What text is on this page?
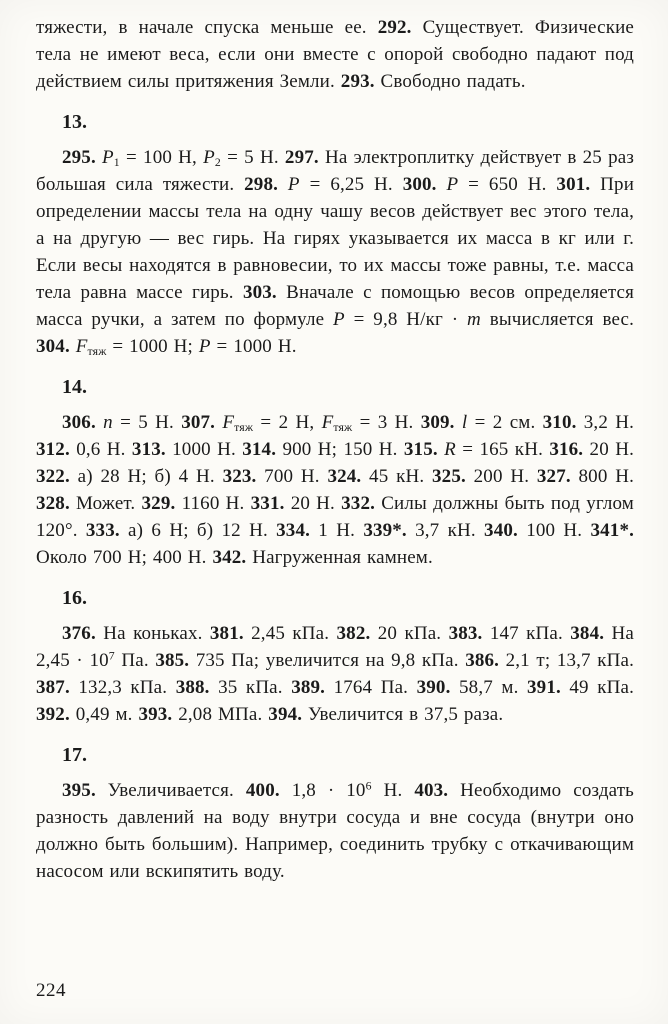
тяжести, в начале спуска меньше ее. 292. Существует. Физические тела не имеют веса, если они вместе с опорой свободно падают под действием силы притяжения Земли. 293. Свободно падать.

13.

295. $P_1 = 100$ Н, $P_2 = 5$ Н. 297. На электроплитку действует в 25 раз большая сила тяжести. 298. P = 6,25 Н. 300. P = 650 Н. 301. При определении массы тела на одну чашу весов действует вес этого тела, а на другую — вес гирь. На гирях указывается их масса в кг или г. Если весы находятся в равновесии, то их массы тоже равны, т.е. масса тела равна массе гирь. 303. Вначале с помощью весов определяется масса ручки, а затем по формуле P = 9,8 Н/кг · m вычисляется вес. 304. $F_{тяж} = 1000$ Н; P = 1000 Н.

14.

306. n = 5 Н. 307. $F_{тяж} = 2$ Н, $F_{тяж} = 3$ Н. 309. l = 2 см. 310. 3,2 Н. 312. 0,6 Н. 313. 1000 Н. 314. 900 Н; 150 Н. 315. R = 165 кН. 316. 20 Н. 322. а) 28 Н; б) 4 Н. 323. 700 Н. 324. 45 кН. 325. 200 Н. 327. 800 Н. 328. Может. 329. 1160 Н. 331. 20 Н. 332. Силы должны быть под углом 120°. 333. а) 6 Н; б) 12 Н. 334. 1 Н. 339*. 3,7 кН. 340. 100 Н. 341*. Около 700 Н; 400 Н. 342. Нагруженная камнем.

16.

376. На коньках. 381. 2,45 кПа. 382. 20 кПа. 383. 147 кПа. 384. На $2,45 \cdot 10^7$ Па. 385. 735 Па; увеличится на 9,8 кПа. 386. 2,1 т; 13,7 кПа. 387. 132,3 кПа. 388. 35 кПа. 389. 1764 Па. 390. 58,7 м. 391. 49 кПа. 392. 0,49 м. 393. 2,08 МПа. 394. Увеличится в 37,5 раза.

17.

395. Увеличивается. 400. $1,8 \cdot 10^6$ Н. 403. Необходимо создать разность давлений на воду внутри сосуда и вне сосуда (внутри оно должно быть большим). Например, соединить трубку с откачивающим насосом или вскипятить воду.

224
